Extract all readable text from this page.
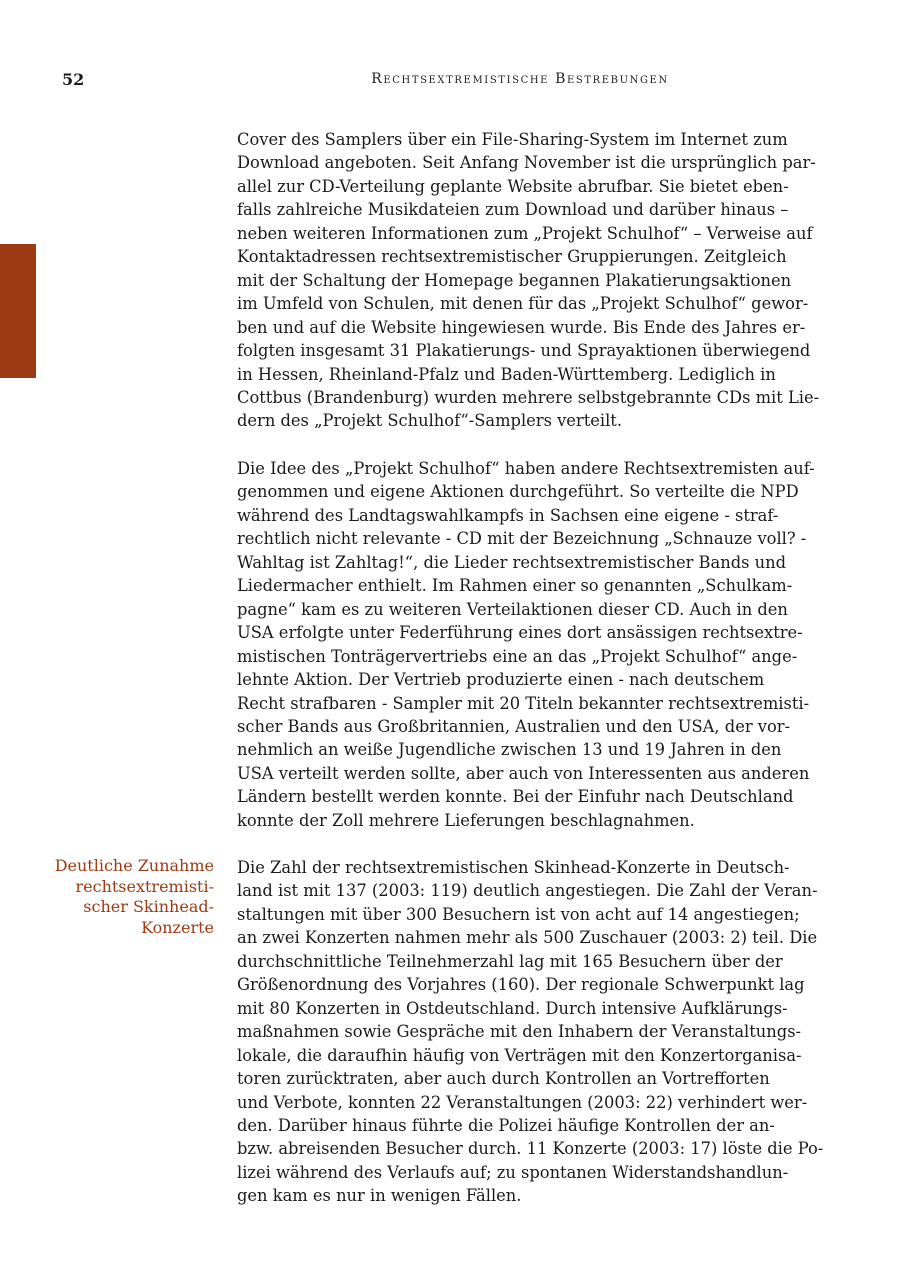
52	Rechtsextremistische Bestrebungen
Deutliche Zunahme
rechtsextremisti-
scher Skinhead-
Konzerte
Cover des Samplers über ein File-Sharing-System im Internet zum
Download angeboten. Seit Anfang November ist die ursprünglich par-
allel zur CD-Verteilung geplante Website abrufbar. Sie bietet eben-
falls zahlreiche Musikdateien zum Download und darüber hinaus –
neben weiteren Informationen zum „Projekt Schulhof“ – Verweise auf
Kontaktadressen rechtsextremistischer Gruppierungen. Zeitgleich
mit der Schaltung der Homepage begannen Plakatierungsaktionen
im Umfeld von Schulen, mit denen für das „Projekt Schulhof“ gewor-
ben und auf die Website hingewiesen wurde. Bis Ende des Jahres er-
folgten insgesamt 31 Plakatierungs- und Sprayaktionen überwiegend
in Hessen, Rheinland-Pfalz und Baden-Württemberg. Lediglich in
Cottbus (Brandenburg) wurden mehrere selbstgebrannte CDs mit Lie-
dern des „Projekt Schulhof“-Samplers verteilt.
Die Idee des „Projekt Schulhof“ haben andere Rechtsextremisten auf-
genommen und eigene Aktionen durchgeführt. So verteilte die NPD
während des Landtagswahlkampfs in Sachsen eine eigene - straf-
rechtlich nicht relevante - CD mit der Bezeichnung „Schnauze voll? -
Wahltag ist Zahltag!“, die Lieder rechtsextremistischer Bands und
Liedermacher enthielt. Im Rahmen einer so genannten „Schulkam-
pagne“ kam es zu weiteren Verteilaktionen dieser CD. Auch in den
USA erfolgte unter Federführung eines dort ansässigen rechtsextre-
mistischen Tonträgervertriebs eine an das „Projekt Schulhof“ ange-
lehnte Aktion. Der Vertrieb produzierte einen - nach deutschem
Recht strafbaren - Sampler mit 20 Titeln bekannter rechtsextremisti-
scher Bands aus Großbritannien, Australien und den USA, der vor-
nehmlich an weiße Jugendliche zwischen 13 und 19 Jahren in den
USA verteilt werden sollte, aber auch von Interessenten aus anderen
Ländern bestellt werden konnte. Bei der Einfuhr nach Deutschland
konnte der Zoll mehrere Lieferungen beschlagnahmen.
Die Zahl der rechtsextremistischen Skinhead-Konzerte in Deutsch-
land ist mit 137 (2003: 119) deutlich angestiegen. Die Zahl der Veran-
staltungen mit über 300 Besuchern ist von acht auf 14 angestiegen;
an zwei Konzerten nahmen mehr als 500 Zuschauer (2003: 2) teil. Die
durchschnittliche Teilnehmerzahl lag mit 165 Besuchern über der
Größenordnung des Vorjahres (160). Der regionale Schwerpunkt lag
mit 80 Konzerten in Ostdeutschland. Durch intensive Aufklärungs-
maßnahmen sowie Gespräche mit den Inhabern der Veranstaltungs-
lokale, die daraufhin häufig von Verträgen mit den Konzertorganisa-
toren zurücktraten, aber auch durch Kontrollen an Vortrefforten
und Verbote, konnten 22 Veranstaltungen (2003: 22) verhindert wer-
den. Darüber hinaus führte die Polizei häufige Kontrollen der an-
bzw. abreisenden Besucher durch. 11 Konzerte (2003: 17) löste die Po-
lizei während des Verlaufs auf; zu spontanen Widerstandshandlun-
gen kam es nur in wenigen Fällen.
